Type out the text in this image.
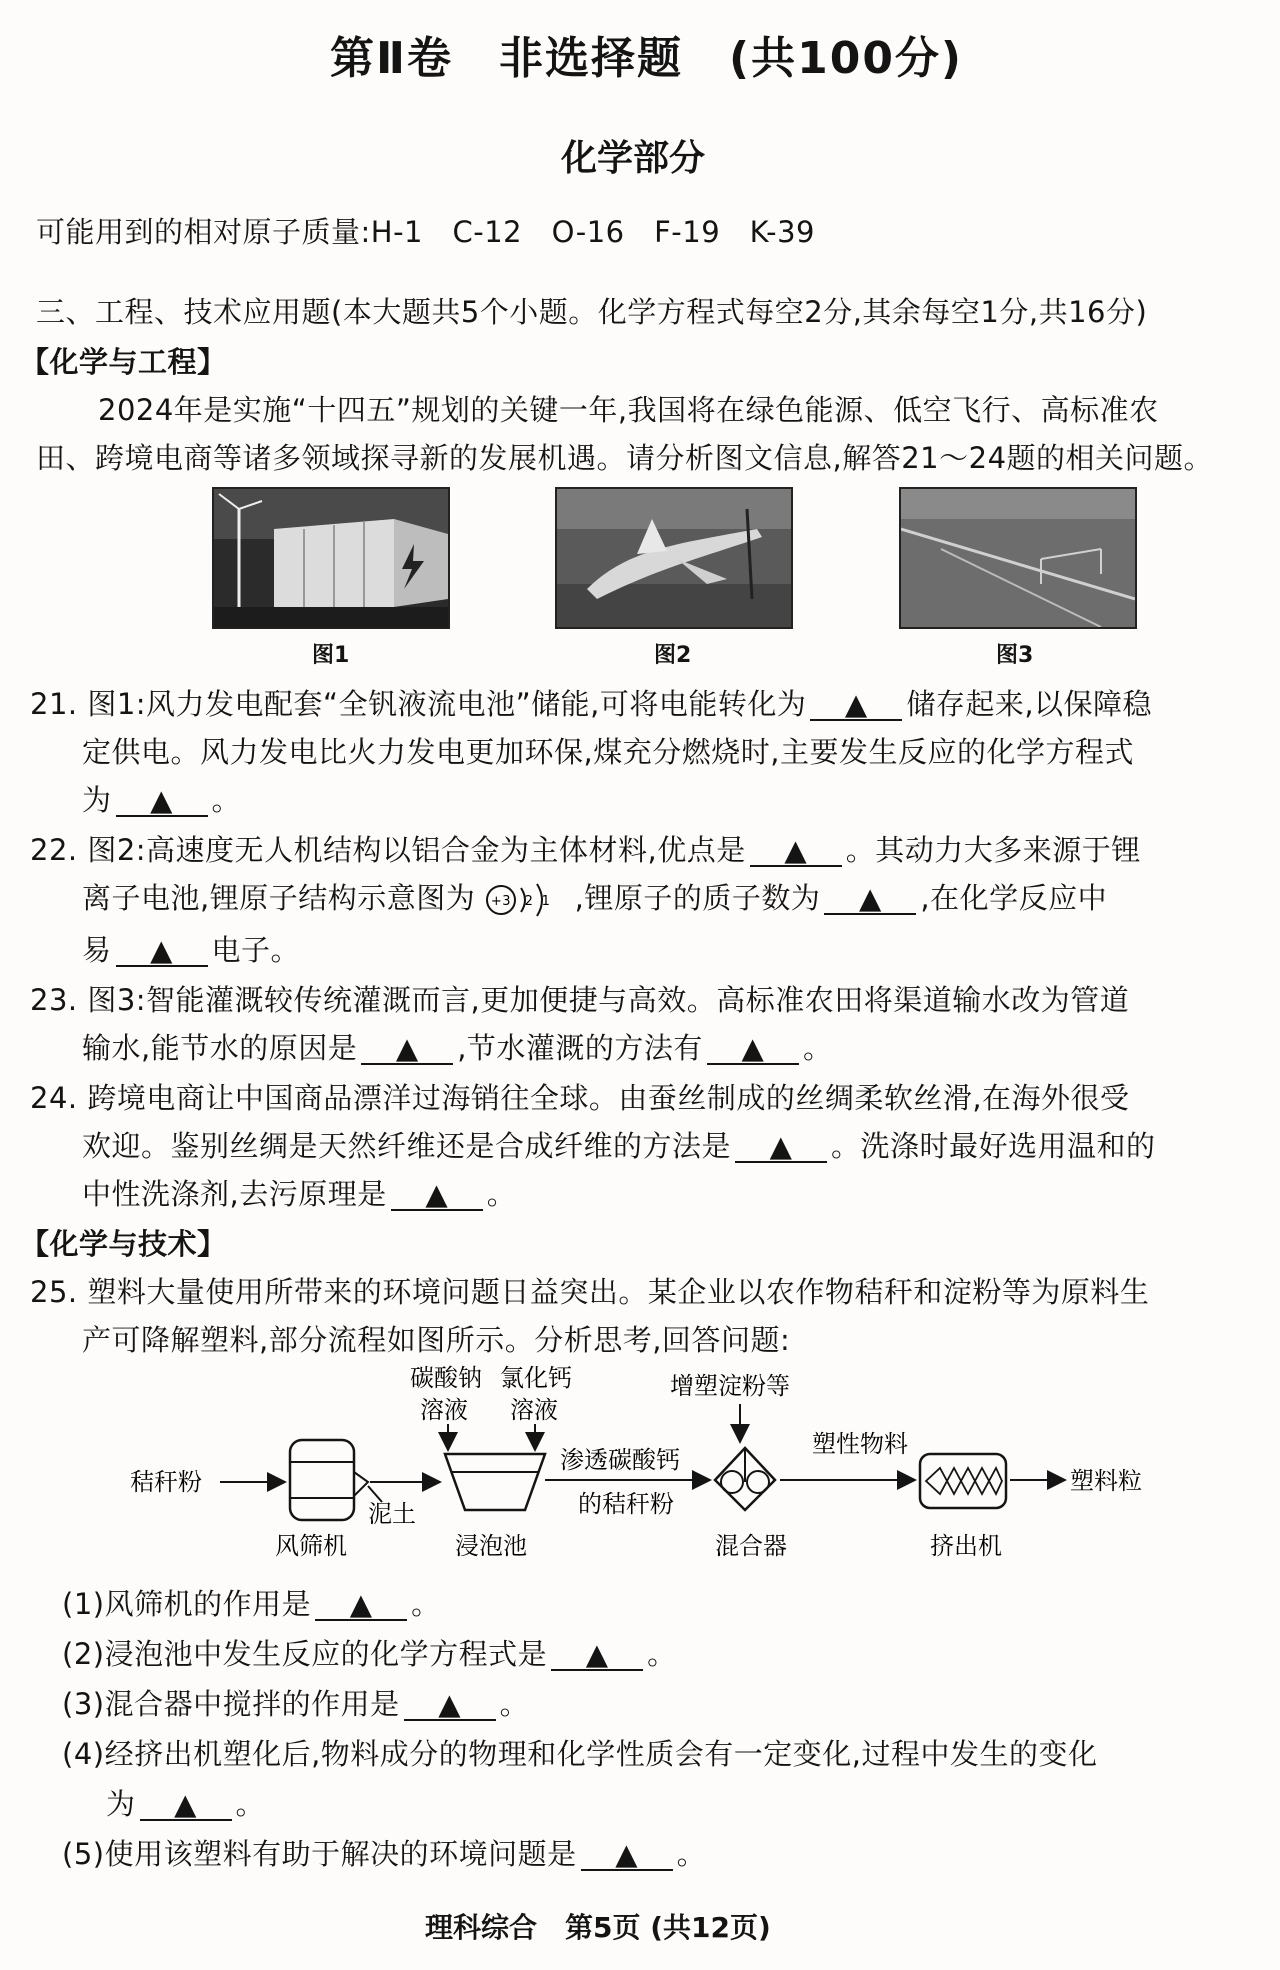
第Ⅱ卷　非选择题　(共100分)
化学部分
可能用到的相对原子质量:H-1　C-12　O-16　F-19　K-39
三、工程、技术应用题(本大题共5个小题。化学方程式每空2分,其余每空1分,共16分)
【化学与工程】
2024年是实施“十四五”规划的关键一年,我国将在绿色能源、低空飞行、高标准农
田、跨境电商等诸多领域探寻新的发展机遇。请分析图文信息,解答21～24题的相关问题。
图1	图2	图3
21. 图1:风力发电配套“全钒液流电池”储能,可将电能转化为 ▲ 储存起来,以保障稳
定供电。风力发电比火力发电更加环保,煤充分燃烧时,主要发生反应的化学方程式
为 ▲ 。
22. 图2:高速度无人机结构以铝合金为主体材料,优点是 ▲ 。其动力大多来源于锂
离子电池,锂原子结构示意图为 +3 2 1 ,锂原子的质子数为 ▲ ,在化学反应中
易 ▲ 电子。
23. 图3:智能灌溉较传统灌溉而言,更加便捷与高效。高标准农田将渠道输水改为管道
输水,能节水的原因是 ▲ ,节水灌溉的方法有 ▲ 。
24. 跨境电商让中国商品漂洋过海销往全球。由蚕丝制成的丝绸柔软丝滑,在海外很受
欢迎。鉴别丝绸是天然纤维还是合成纤维的方法是 ▲ 。洗涤时最好选用温和的
中性洗涤剂,去污原理是 ▲ 。
【化学与技术】
25. 塑料大量使用所带来的环境问题日益突出。某企业以农作物秸秆和淀粉等为原料生
产可降解塑料,部分流程如图所示。分析思考,回答问题:
秸秆粉
风筛机
泥土
碳酸钠
溶液
氯化钙
溶液
浸泡池
渗透碳酸钙
的秸秆粉
增塑淀粉等
混合器
塑性物料
挤出机
塑料粒
(1)风筛机的作用是 ▲ 。
(2)浸泡池中发生反应的化学方程式是 ▲ 。
(3)混合器中搅拌的作用是 ▲ 。
(4)经挤出机塑化后,物料成分的物理和化学性质会有一定变化,过程中发生的变化
为 ▲ 。
(5)使用该塑料有助于解决的环境问题是 ▲ 。
理科综合　第5页 (共12页)
